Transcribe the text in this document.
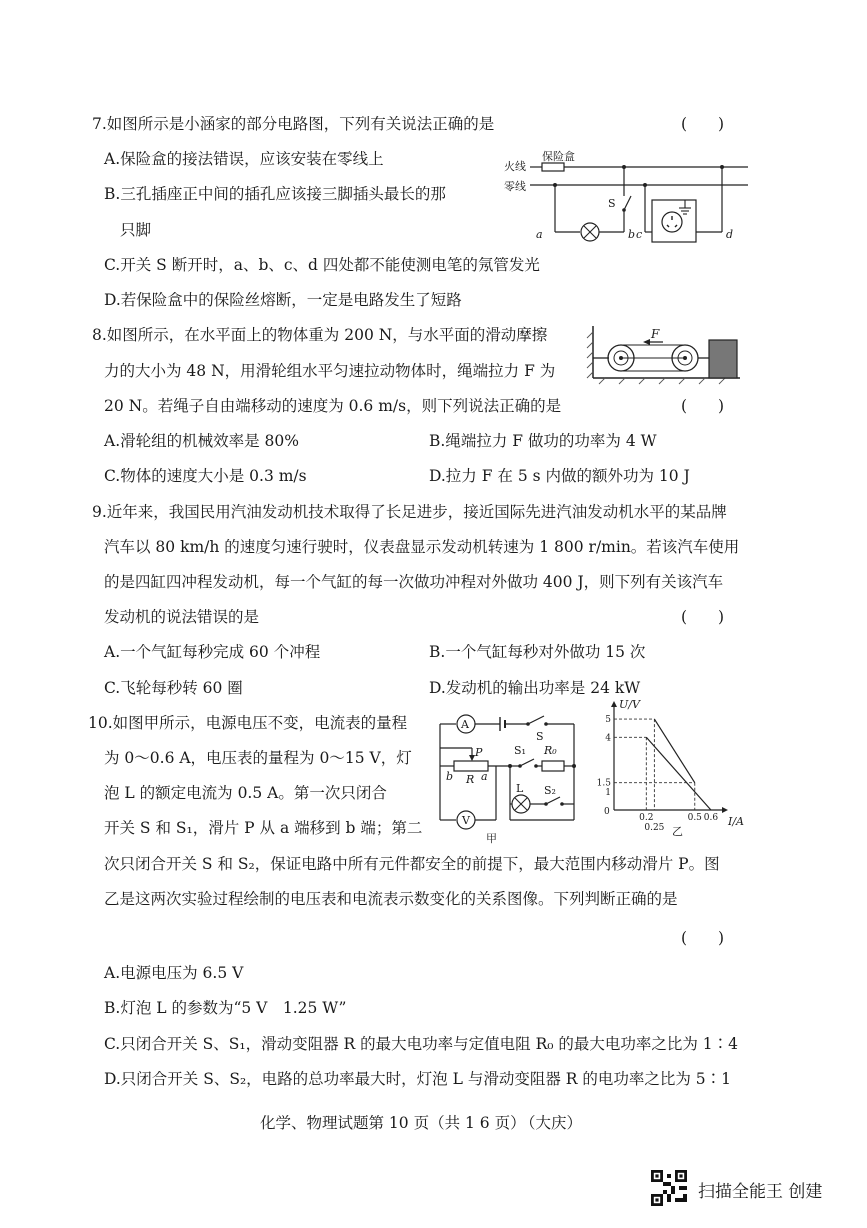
7.如图所示是小涵家的部分电路图，下列有关说法正确的是	(　　)
A.保险盒的接法错误，应该安装在零线上
B.三孔插座正中间的插孔应该接三脚插头最长的那
只脚
C.开关 S 断开时，a、b、c、d 四处都不能使测电笔的氖管发光
D.若保险盒中的保险丝熔断，一定是电路发生了短路
火线
零线
保险盒
S
a	b c	d
8.如图所示，在水平面上的物体重为 200 N，与水平面的滑动摩擦
力的大小为 48 N，用滑轮组水平匀速拉动物体时，绳端拉力 F 为
20 N。若绳子自由端移动的速度为 0.6 m/s，则下列说法正确的是	(　　)
A.滑轮组的机械效率是 80%	B.绳端拉力 F 做功的功率为 4 W
C.物体的速度大小是 0.3 m/s	D.拉力 F 在 5 s 内做的额外功为 10 J
F
9.近年来，我国民用汽油发动机技术取得了长足进步，接近国际先进汽油发动机水平的某品牌
汽车以 80 km/h 的速度匀速行驶时，仪表盘显示发动机转速为 1 800 r/min。若该汽车使用
的是四缸四冲程发动机，每一个气缸的每一次做功冲程对外做功 400 J，则下列有关该汽车
发动机的说法错误的是	(　　)
A.一个气缸每秒完成 60 个冲程	B.一个气缸每秒对外做功 15 次
C.飞轮每秒转 60 圈	D.发动机的输出功率是 24 kW
10.如图甲所示，电源电压不变，电流表的量程
为 0～0.6 A，电压表的量程为 0～15 V，灯
泡 L 的额定电流为 0.5 A。第一次只闭合
开关 S 和 S₁，滑片 P 从 a 端移到 b 端；第二
次只闭合开关 S 和 S₂，保证电路中所有元件都安全的前提下，最大范围内移动滑片 P。图
乙是这两次实验过程绘制的电压表和电流表示数变化的关系图像。下列判断正确的是
(　　)
A.电源电压为 6.5 V
B.灯泡 L 的参数为“5 V　1.25 W”
C.只闭合开关 S、S₁，滑动变阻器 R 的最大电功率与定值电阻 R₀ 的最大电功率之比为 1∶4
D.只闭合开关 S、S₂，电路的总功率最大时，灯泡 L 与滑动变阻器 R 的电功率之比为 5∶1
A
S
P
R
b	a
S₁ R₀
L S₂
V
甲
5
4
1.5
1
0.2
0.25
0.5 0.6
U/V
I/A
0
乙
化学、物理试题第 10 页（共 1 6 页）
（大庆）
扫描全能王 创建
